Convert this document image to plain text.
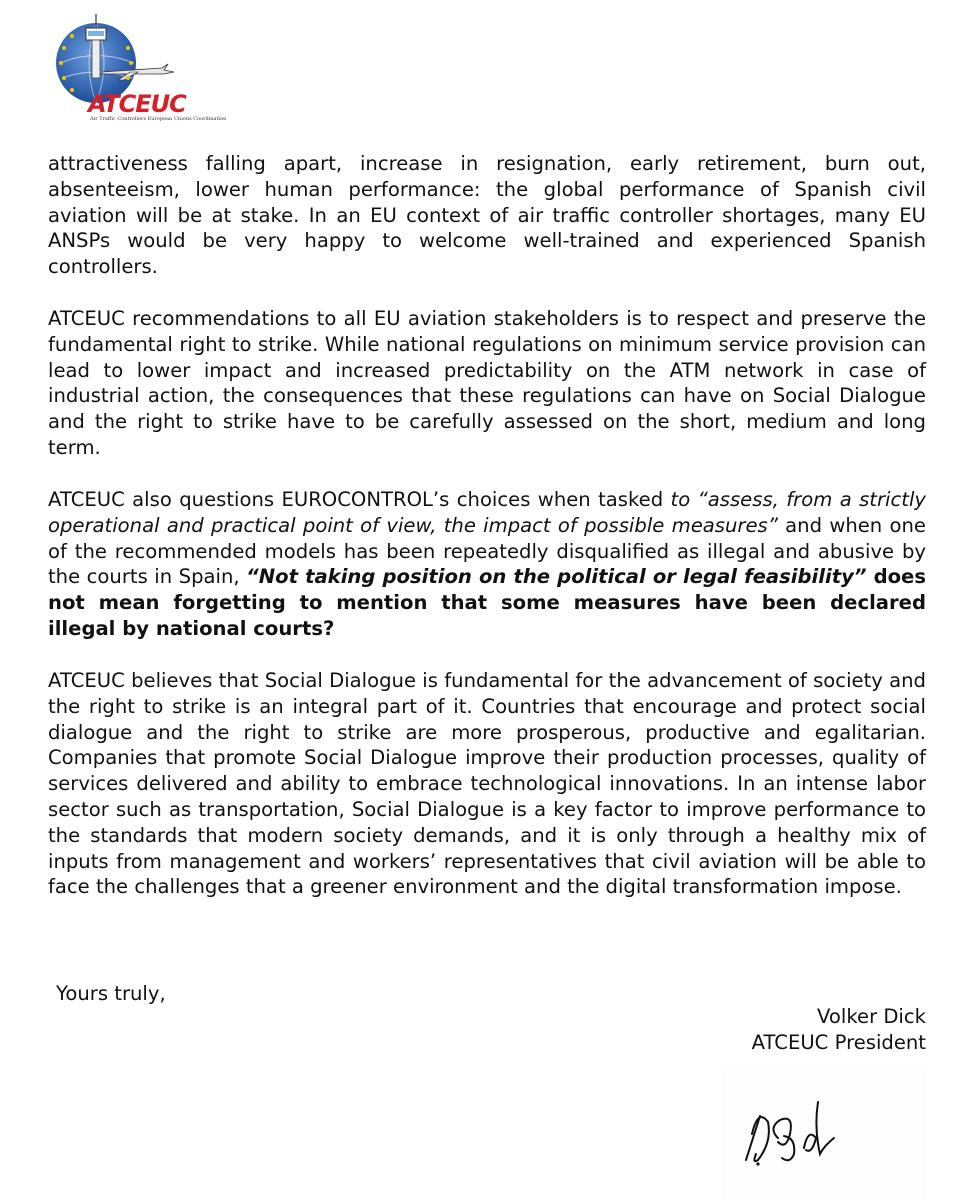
ATCEUC
Air Traffic Controllers European Unions Coordination

attractiveness falling apart, increase in resignation, early retirement, burn out, absenteeism, lower human performance: the global performance of Spanish civil aviation will be at stake. In an EU context of air traffic controller shortages, many EU ANSPs would be very happy to welcome well-trained and experienced Spanish controllers.

ATCEUC recommendations to all EU aviation stakeholders is to respect and preserve the fundamental right to strike. While national regulations on minimum service provision can lead to lower impact and increased predictability on the ATM network in case of industrial action, the consequences that these regulations can have on Social Dialogue and the right to strike have to be carefully assessed on the short, medium and long term.

ATCEUC also questions EUROCONTROL’s choices when tasked to “assess, from a strictly operational and practical point of view, the impact of possible measures” and when one of the recommended models has been repeatedly disqualified as illegal and abusive by the courts in Spain, “Not taking position on the political or legal feasibility” does not mean forgetting to mention that some measures have been declared illegal by national courts?

ATCEUC believes that Social Dialogue is fundamental for the advancement of society and the right to strike is an integral part of it. Countries that encourage and protect social dialogue and the right to strike are more prosperous, productive and egalitarian. Companies that promote Social Dialogue improve their production processes, quality of services delivered and ability to embrace technological innovations. In an intense labor sector such as transportation, Social Dialogue is a key factor to improve performance to the standards that modern society demands, and it is only through a healthy mix of inputs from management and workers’ representatives that civil aviation will be able to face the challenges that a greener environment and the digital transformation impose.

Yours truly,
Volker Dick
ATCEUC President
